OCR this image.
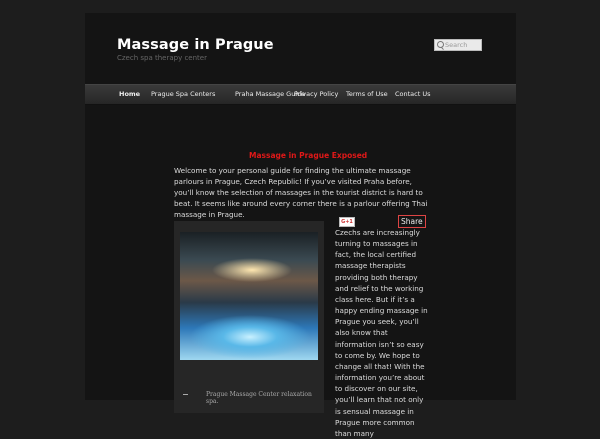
Massage in Prague
Czech spa therapy center
Search
Home	Prague Spa Centers	Praha Massage Guide
Privacy Policy	Terms of Use	Contact Us
Massage in Prague Exposed
Welcome to your personal guide for finding the ultimate massage parlours in Prague, Czech Republic! If you’ve visited Praha before, you’ll know the selection of massages in the tourist district is hard to beat. It seems like around every corner there is a parlour offering Thai massage in Prague.
Prague Massage Center relaxation spa.
G+1	Share
Czechs are increasingly turning to massages in fact, the local certified massage therapists providing both therapy and relief to the working class here. But if it’s a happy ending massage in Prague you seek, you’ll also know that information isn’t so easy to come by. We hope to change all that! With the information you’re about to discover on our site, you’ll learn that not only is sensual massage in Prague more common than many
